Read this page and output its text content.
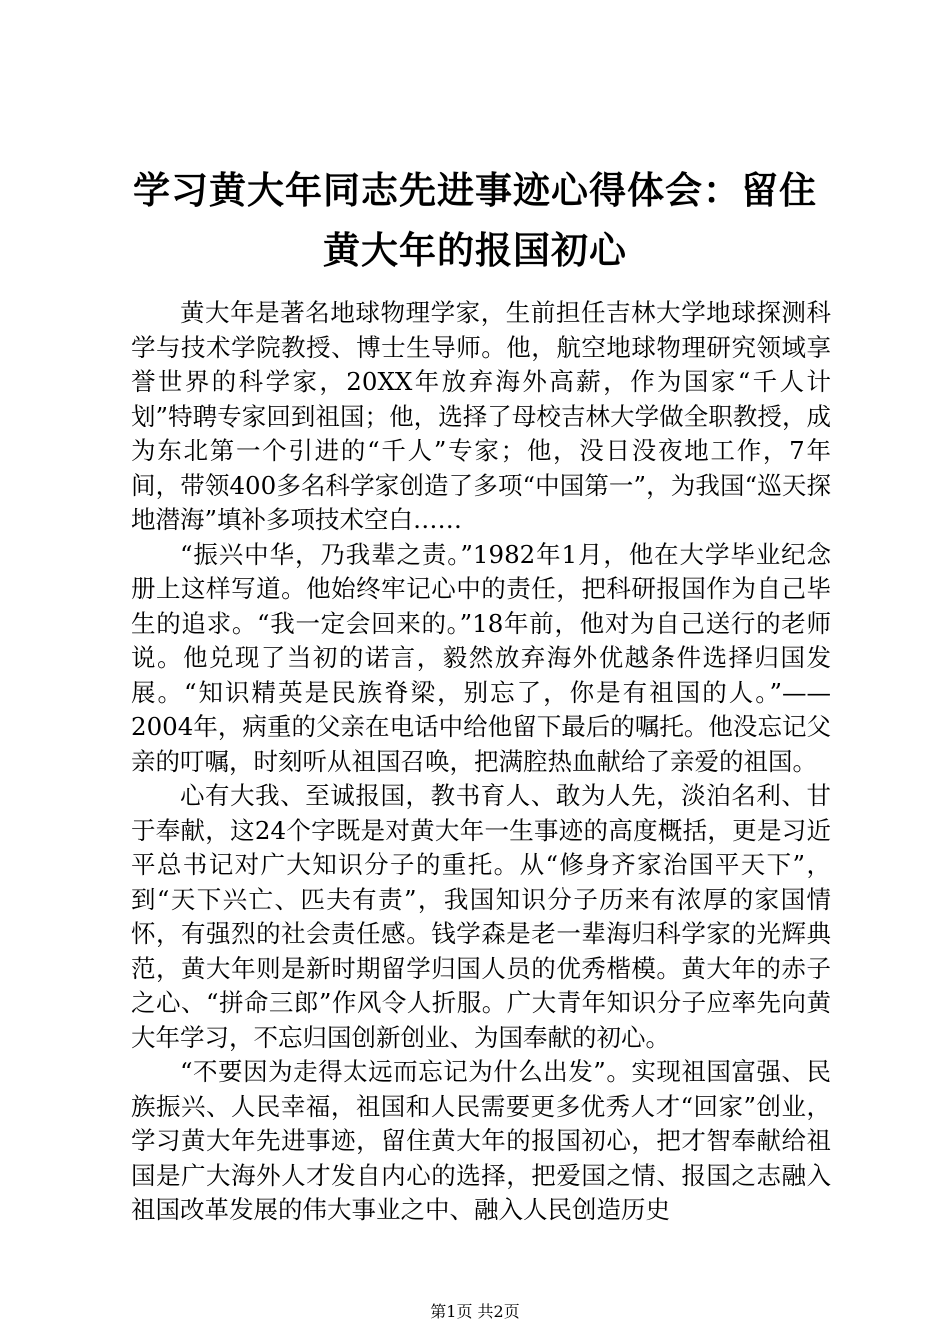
学习黄大年同志先进事迹心得体会：留住黄大年的报国初心

黄大年是著名地球物理学家，生前担任吉林大学地球探测科学与技术学院教授、博士生导师。他，航空地球物理研究领域享誉世界的科学家，20XX年放弃海外高薪，作为国家“千人计划”特聘专家回到祖国；他，选择了母校吉林大学做全职教授，成为东北第一个引进的“千人”专家；他，没日没夜地工作，7年间，带领400多名科学家创造了多项“中国第一”，为我国“巡天探地潜海”填补多项技术空白……

“振兴中华，乃我辈之责。”1982年1月，他在大学毕业纪念册上这样写道。他始终牢记心中的责任，把科研报国作为自己毕生的追求。“我一定会回来的。”18年前，他对为自己送行的老师说。他兑现了当初的诺言，毅然放弃海外优越条件选择归国发展。“知识精英是民族脊梁，别忘了，你是有祖国的人。”——2004年，病重的父亲在电话中给他留下最后的嘱托。他没忘记父亲的叮嘱，时刻听从祖国召唤，把满腔热血献给了亲爱的祖国。

心有大我、至诚报国，教书育人、敢为人先，淡泊名利、甘于奉献，这24个字既是对黄大年一生事迹的高度概括，更是习近平总书记对广大知识分子的重托。从“修身齐家治国平天下”，到“天下兴亡、匹夫有责”，我国知识分子历来有浓厚的家国情怀，有强烈的社会责任感。钱学森是老一辈海归科学家的光辉典范，黄大年则是新时期留学归国人员的优秀楷模。黄大年的赤子之心、“拼命三郎”作风令人折服。广大青年知识分子应率先向黄大年学习，不忘归国创新创业、为国奉献的初心。

“不要因为走得太远而忘记为什么出发”。实现祖国富强、民族振兴、人民幸福，祖国和人民需要更多优秀人才“回家”创业，学习黄大年先进事迹，留住黄大年的报国初心，把才智奉献给祖国是广大海外人才发自内心的选择，把爱国之情、报国之志融入祖国改革发展的伟大事业之中、融入人民创造历史

第1页 共2页
